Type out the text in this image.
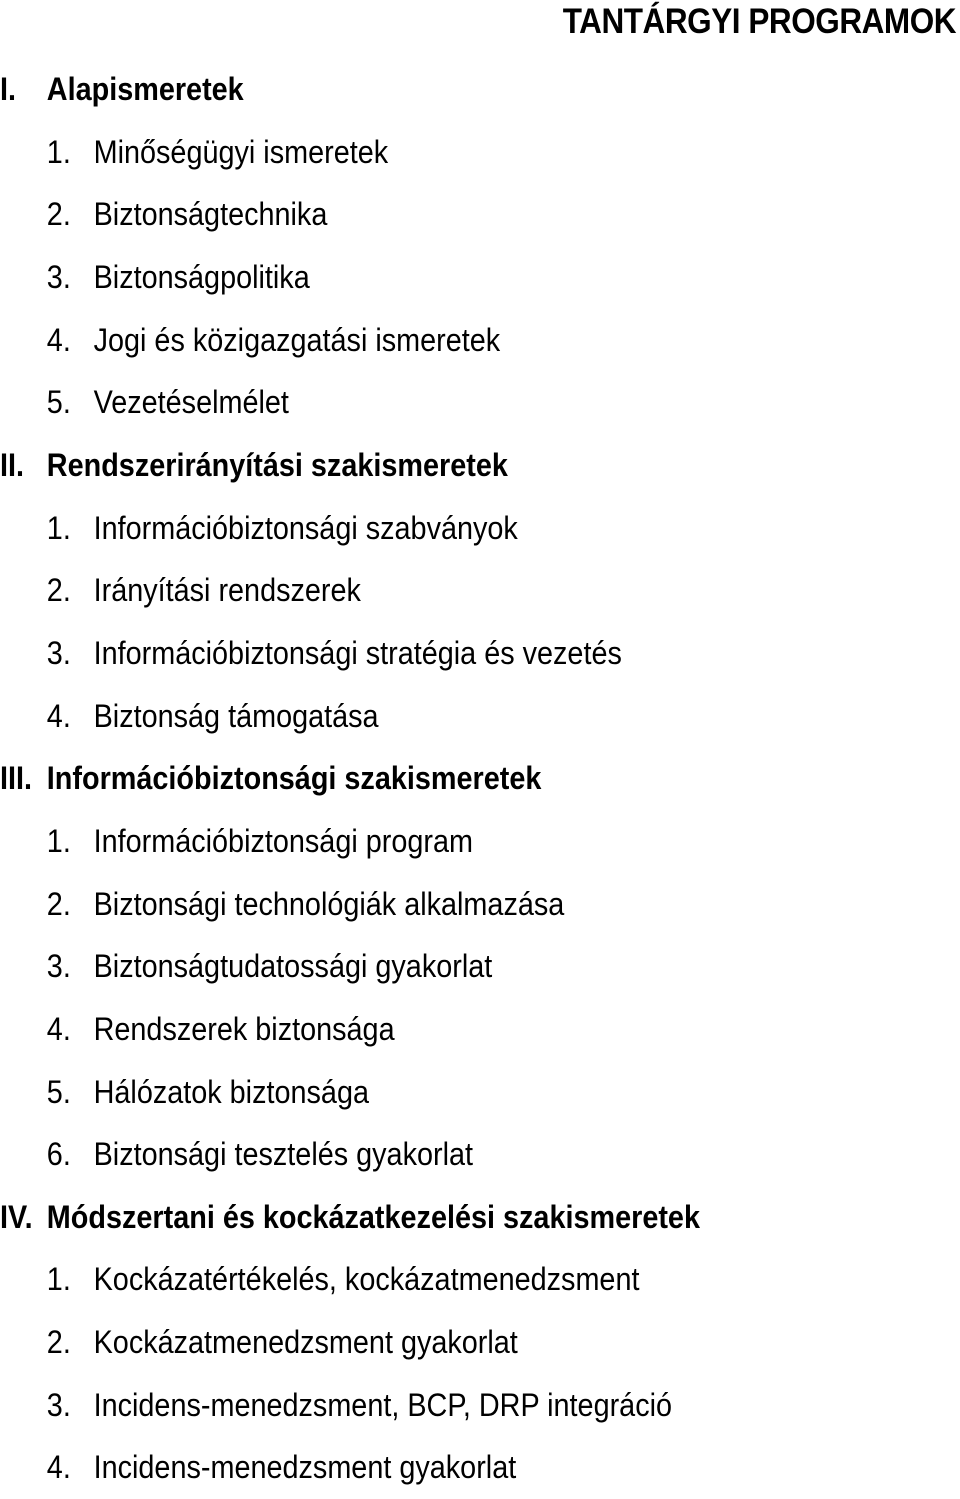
TANTÁRGYI PROGRAMOK
I. Alapismeretek
1. Minőségügyi ismeretek
2. Biztonságtechnika
3. Biztonságpolitika
4. Jogi és közigazgatási ismeretek
5. Vezetéselmélet
II. Rendszerirányítási szakismeretek
1. Információbiztonsági szabványok
2. Irányítási rendszerek
3. Információbiztonsági stratégia és vezetés
4. Biztonság támogatása
III. Információbiztonsági szakismeretek
1. Információbiztonsági program
2. Biztonsági technológiák alkalmazása
3. Biztonságtudatossági gyakorlat
4. Rendszerek biztonsága
5. Hálózatok biztonsága
6. Biztonsági tesztelés gyakorlat
IV. Módszertani és kockázatkezelési szakismeretek
1. Kockázatértékelés, kockázatmenedzsment
2. Kockázatmenedzsment gyakorlat
3. Incidens-menedzsment, BCP, DRP integráció
4. Incidens-menedzsment gyakorlat
